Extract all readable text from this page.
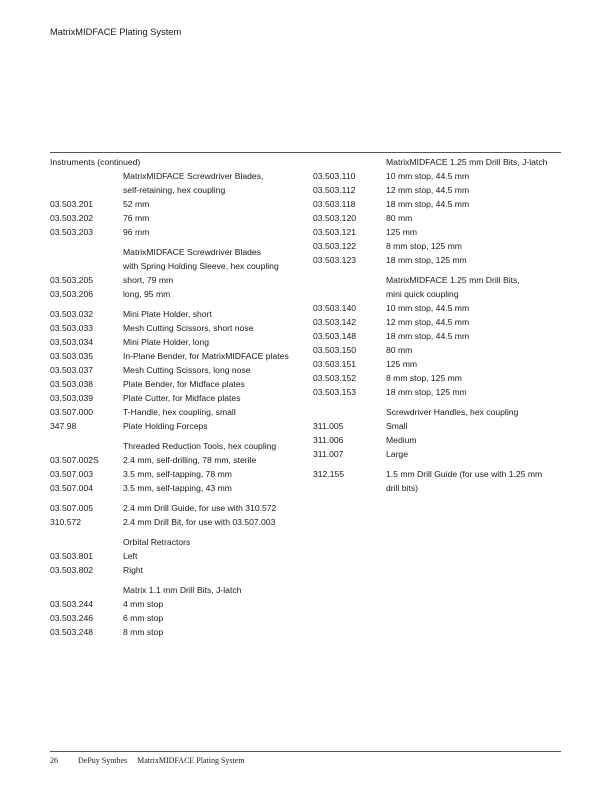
MatrixMIDFACE Plating System
Instruments (continued)
MatrixMIDFACE Screwdriver Blades,
self-retaining, hex coupling
03.503.201	52 mm
03.503.202	76 mm
03.503.203	96 mm
MatrixMIDFACE Screwdriver Blades
with Spring Holding Sleeve, hex coupling
03.503.205	short, 79 mm
03.503.206	long, 95 mm
03.503.032	Mini Plate Holder, short
03.503.033	Mesh Cutting Scissors, short nose
03.503.034	Mini Plate Holder, long
03.503.035	In-Plane Bender, for MatrixMIDFACE plates
03.503.037	Mesh Cutting Scissors, long nose
03.503.038	Plate Bender, for Midface plates
03.503.039	Plate Cutter, for Midface plates
03.507.000	T-Handle, hex coupling, small
347.98	Plate Holding Forceps
Threaded Reduction Tools, hex coupling
03.507.002S	2.4 mm, self-drilling, 78 mm, sterile
03.507.003	3.5 mm, self-tapping, 78 mm
03.507.004	3.5 mm, self-tapping, 43 mm
03.507.005	2.4 mm Drill Guide, for use with 310.572
310.572	2.4 mm Drill Bit, for use with 03.507.003
Orbital Retractors
03.503.801	Left
03.503.802	Right
Matrix 1.1 mm Drill Bits, J-latch
03.503.244	4 mm stop
03.503.246	6 mm stop
03.503.248	8 mm stop
MatrixMIDFACE 1.25 mm Drill Bits, J-latch
03.503.110	10 mm stop, 44.5 mm
03.503.112	12 mm stop, 44.5 mm
03.503.118	18 mm stop, 44.5 mm
03.503.120	80 mm
03.503.121	125 mm
03.503.122	8 mm stop, 125 mm
03.503.123	18 mm stop, 125 mm
MatrixMIDFACE 1.25 mm Drill Bits,
mini quick coupling
03.503.140	10 mm stop, 44.5 mm
03.503.142	12 mm stop, 44.5 mm
03.503.148	18 mm stop, 44.5 mm
03.503.150	80 mm
03.503.151	125 mm
03.503.152	8 mm stop, 125 mm
03.503.153	18 mm stop, 125 mm
Screwdriver Handles, hex coupling
311.005	Small
311.006	Medium
311.007	Large
312.155	1.5 mm Drill Guide (for use with 1.25 mm
drill bits)
26	DePuy Synthes MatrixMIDFACE Plating System
